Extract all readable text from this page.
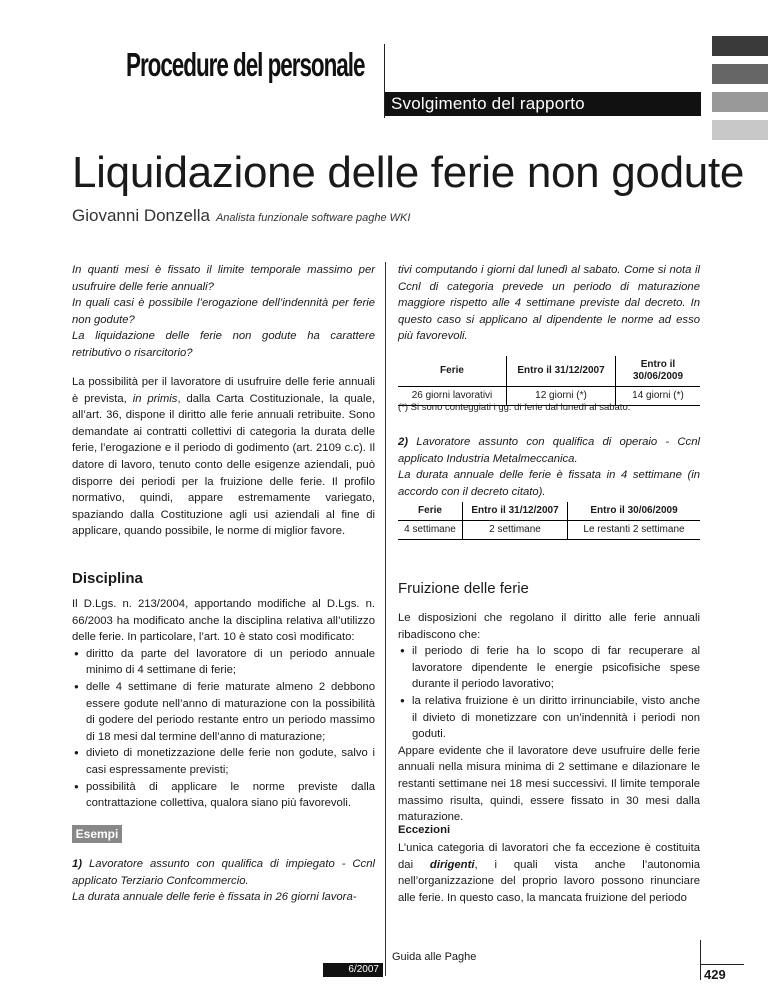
Procedure del personale
Svolgimento del rapporto
Liquidazione delle ferie non godute
Giovanni Donzella Analista funzionale software paghe WKI

In quanti mesi è fissato il limite temporale massimo per usufruire delle ferie annuali?

In quali casi è possibile l’erogazione dell’indennità per ferie non godute?

La liquidazione delle ferie non godute ha carattere retributivo o risarcitorio?

La possibilità per il lavoratore di usufruire delle ferie annuali è prevista, in primis, dalla Carta Costituzionale, la quale, all’art. 36, dispone il diritto alle ferie annuali retribuite. Sono demandate ai contratti collettivi di categoria la durata delle ferie, l’erogazione e il periodo di godimento (art. 2109 c.c). Il datore di lavoro, tenuto conto delle esigenze aziendali, può disporre dei periodi per la fruizione delle ferie. Il profilo normativo, quindi, appare estremamente variegato, spaziando dalla Costituzione agli usi aziendali al fine di applicare, quando possibile, le norme di miglior favore.

Disciplina

Il D.Lgs. n. 213/2004, apportando modifiche al D.Lgs. n. 66/2003 ha modificato anche la disciplina relativa all’utilizzo delle ferie. In particolare, l’art. 10 è stato così modificato:

● diritto da parte del lavoratore di un periodo annuale minimo di 4 settimane di ferie;
● delle 4 settimane di ferie maturate almeno 2 debbono essere godute nell’anno di maturazione con la possibilità di godere del periodo restante entro un periodo massimo di 18 mesi dal termine dell’anno di maturazione;
● divieto di monetizzazione delle ferie non godute, salvo i casi espressamente previsti;
● possibilità di applicare le norme previste dalla contrattazione collettiva, qualora siano più favorevoli.
Esempi

1) Lavoratore assunto con qualifica di impiegato - Ccnl applicato Terziario Confcommercio.

La durata annuale delle ferie è fissata in 26 giorni lavora-

tivi computando i giorni dal lunedì al sabato. Come si nota il Ccnl di categoria prevede un periodo di maturazione maggiore rispetto alle 4 settimane previste dal decreto. In questo caso si applicano al dipendente le norme ad esso più favorevoli.
Ferie	Entro il 31/12/2007	Entro il 30/06/2009
26 giorni lavorativi	12 giorni (*)	14 giorni (*)
(*) Si sono conteggiati i gg. di ferie dal lunedì al sabato.

2) Lavoratore assunto con qualifica di operaio - Ccnl applicato Industria Metalmeccanica.

La durata annuale delle ferie è fissata in 4 settimane (in accordo con il decreto citato).

Ferie	Entro il 31/12/2007	Entro il 30/06/2009
4 settimane	2 settimane	Le restanti 2 settimane
Fruizione delle ferie

Le disposizioni che regolano il diritto alle ferie annuali ribadiscono che:

● il periodo di ferie ha lo scopo di far recuperare al lavoratore dipendente le energie psicofisiche spese durante il periodo lavorativo;
● la relativa fruizione è un diritto irrinunciabile, visto anche il divieto di monetizzare con un’indennità i periodi non goduti.

Appare evidente che il lavoratore deve usufruire delle ferie annuali nella misura minima di 2 settimane e dilazionare le restanti settimane nei 18 mesi successivi. Il limite temporale massimo risulta, quindi, essere fissato in 30 mesi dalla maturazione.

Eccezioni

L’unica categoria di lavoratori che fa eccezione è costituita dai dirigenti, i quali vista anche l’autonomia nell’organizzazione del proprio lavoro possono rinunciare alle ferie. In questo caso, la mancata fruizione del periodo

Guida alle Paghe
6/2007	429
